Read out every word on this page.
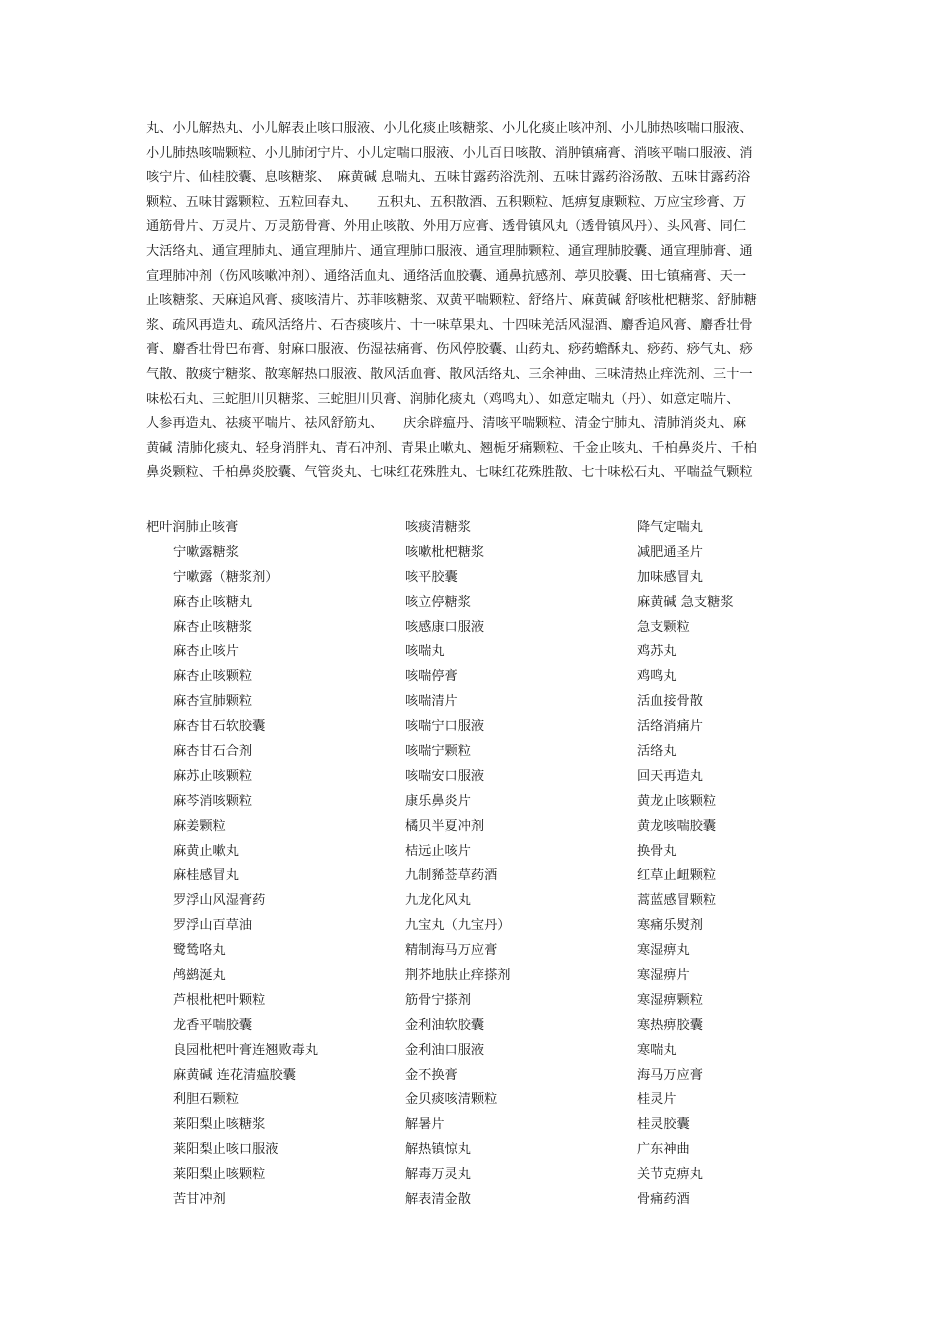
丸、小儿解热丸、小儿解表止咳口服液、小儿化痰止咳糖浆、小儿化痰止咳冲剂、小儿肺热咳喘口服液、
小儿肺热咳喘颗粒、小儿肺闭宁片、小儿定喘口服液、小儿百日咳散、消肿镇痛膏、消咳平喘口服液、消
咳宁片、仙桂胶囊、息咳糖浆、　麻黄碱 息喘丸、五味甘露药浴洗剂、五味甘露药浴汤散、五味甘露药浴
颗粒、五味甘露颗粒、五粒回春丸、　　五积丸、五积散酒、五积颗粒、尪痹复康颗粒、万应宝珍膏、万
通筋骨片、万灵片、万灵筋骨膏、外用止咳散、外用万应膏、透骨镇风丸（透骨镇风丹）、头风膏、同仁
大活络丸、通宣理肺丸、通宣理肺片、通宣理肺口服液、通宣理肺颗粒、通宣理肺胶囊、通宣理肺膏、通
宣理肺冲剂（伤风咳嗽冲剂）、通络活血丸、通络活血胶囊、通鼻抗感剂、葶贝胶囊、田七镇痛膏、天一
止咳糖浆、天麻追风膏、痰咳清片、苏菲咳糖浆、双黄平喘颗粒、舒络片、麻黄碱 舒咳枇杷糖浆、舒肺糖
浆、疏风再造丸、疏风活络片、石杏痰咳片、十一味草果丸、十四味羌活风湿酒、麝香追风膏、麝香壮骨
膏、麝香壮骨巴布膏、射麻口服液、伤湿祛痛膏、伤风停胶囊、山药丸、痧药蟾酥丸、痧药、痧气丸、痧
气散、散痰宁糖浆、散寒解热口服液、散风活血膏、散风活络丸、三余神曲、三味清热止痒洗剂、三十一
味松石丸、三蛇胆川贝糖浆、三蛇胆川贝膏、润肺化痰丸（鸡鸣丸）、如意定喘丸（丹）、如意定喘片、
人参再造丸、祛痰平喘片、祛风舒筋丸、　　庆余辟瘟丹、清咳平喘颗粒、清金宁肺丸、清肺消炎丸、麻
黄碱 清肺化痰丸、轻身消胖丸、青石冲剂、青果止嗽丸、翘栀牙痛颗粒、千金止咳丸、千柏鼻炎片、千柏
鼻炎颗粒、千柏鼻炎胶囊、气管炎丸、七味红花殊胜丸、七味红花殊胜散、七十味松石丸、平喘益气颗粒
杷叶润肺止咳膏
宁嗽露糖浆
宁嗽露（糖浆剂）
麻杏止咳糖丸
麻杏止咳糖浆
麻杏止咳片
麻杏止咳颗粒
麻杏宣肺颗粒
麻杏甘石软胶囊
麻杏甘石合剂
麻苏止咳颗粒
麻芩消咳颗粒
麻姜颗粒
麻黄止嗽丸
麻桂感冒丸
罗浮山风湿膏药
罗浮山百草油
鹭鸶咯丸
鸬鹚涎丸
芦根枇杷叶颗粒
龙香平喘胶囊
良园枇杷叶膏连翘败毒丸
麻黄碱 连花清瘟胶囊
利胆石颗粒
莱阳梨止咳糖浆
莱阳梨止咳口服液
莱阳梨止咳颗粒
苦甘冲剂
咳痰清糖浆
咳嗽枇杷糖浆
咳平胶囊
咳立停糖浆
咳感康口服液
咳喘丸
咳喘停膏
咳喘清片
咳喘宁口服液
咳喘宁颗粒
咳喘安口服液
康乐鼻炎片
橘贝半夏冲剂
桔远止咳片
九制豨莶草药酒
九龙化风丸
九宝丸（九宝丹）
精制海马万应膏
荆芥地肤止痒搽剂
筋骨宁搽剂
金利油软胶囊
金利油口服液
金不换膏
金贝痰咳清颗粒
解暑片
解热镇惊丸
解毒万灵丸
解表清金散
降气定喘丸
减肥通圣片
加味感冒丸
麻黄碱 急支糖浆
急支颗粒
鸡苏丸
鸡鸣丸
活血接骨散
活络消痛片
活络丸
回天再造丸
黄龙止咳颗粒
黄龙咳喘胶囊
换骨丸
红草止衄颗粒
蒿蓝感冒颗粒
寒痛乐熨剂
寒湿痹丸
寒湿痹片
寒湿痹颗粒
寒热痹胶囊
寒喘丸
海马万应膏
桂灵片
桂灵胶囊
广东神曲
关节克痹丸
骨痛药酒
